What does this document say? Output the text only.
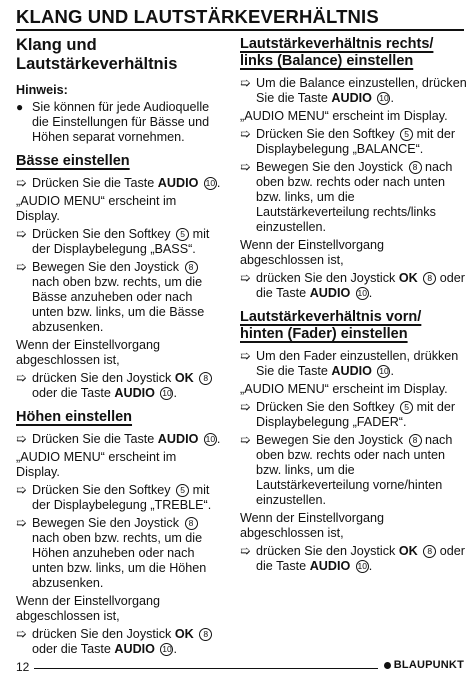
KLANG UND LAUTSTÄRKEVERHÄLTNIS
Klang und Lautstärkeverhältnis
Hinweis:
● Sie können für jede Audioquelle die Einstellungen für Bässe und Höhen separat vornehmen.
Bässe einstellen
➯ Drücken Sie die Taste AUDIO 10 .
„AUDIO MENU“ erscheint im Display.
➯ Drücken Sie den Softkey 5 mit der Displaybelegung „BASS“.
➯ Bewegen Sie den Joystick 8 nach oben bzw. rechts, um die Bässe anzuheben oder nach unten bzw. links, um die Bässe abzusenken.
Wenn der Einstellvorgang abgeschlossen ist,
➯ drücken Sie den Joystick OK 8 oder die Taste AUDIO 10 .
Höhen einstellen
➯ Drücken Sie die Taste AUDIO 10 .
„AUDIO MENU“ erscheint im Display.
➯ Drücken Sie den Softkey 5 mit der Displaybelegung „TREBLE“.
➯ Bewegen Sie den Joystick 8 nach oben bzw. rechts, um die Höhen anzuheben oder nach unten bzw. links, um die Höhen abzusenken.
Wenn der Einstellvorgang abgeschlossen ist,
➯ drücken Sie den Joystick OK 8 oder die Taste AUDIO 10 .
Lautstärkeverhältnis rechts/ links (Balance) einstellen
➯ Um die Balance einzustellen, drücken Sie die Taste AUDIO 10 .
„AUDIO MENU“ erscheint im Display.
➯ Drücken Sie den Softkey 5 mit der Displaybelegung „BALANCE“.
➯ Bewegen Sie den Joystick 8 nach oben bzw. rechts oder nach unten bzw. links, um die Lautstärkeverteilung rechts/links einzustellen.
Wenn der Einstellvorgang abgeschlossen ist,
➯ drücken Sie den Joystick OK 8 oder die Taste AUDIO 10 .
Lautstärkeverhältnis vorn/ hinten (Fader) einstellen
➯ Um den Fader einzustellen, drükken Sie die Taste AUDIO 10 .
„AUDIO MENU“ erscheint im Display.
➯ Drücken Sie den Softkey 5 mit der Displaybelegung „FADER“.
➯ Bewegen Sie den Joystick 8 nach oben bzw. rechts oder nach unten bzw. links, um die Lautstärkeverteilung vorne/hinten einzustellen.
Wenn der Einstellvorgang abgeschlossen ist,
➯ drücken Sie den Joystick OK 8 oder die Taste AUDIO 10 .
12	BLAUPUNKT
